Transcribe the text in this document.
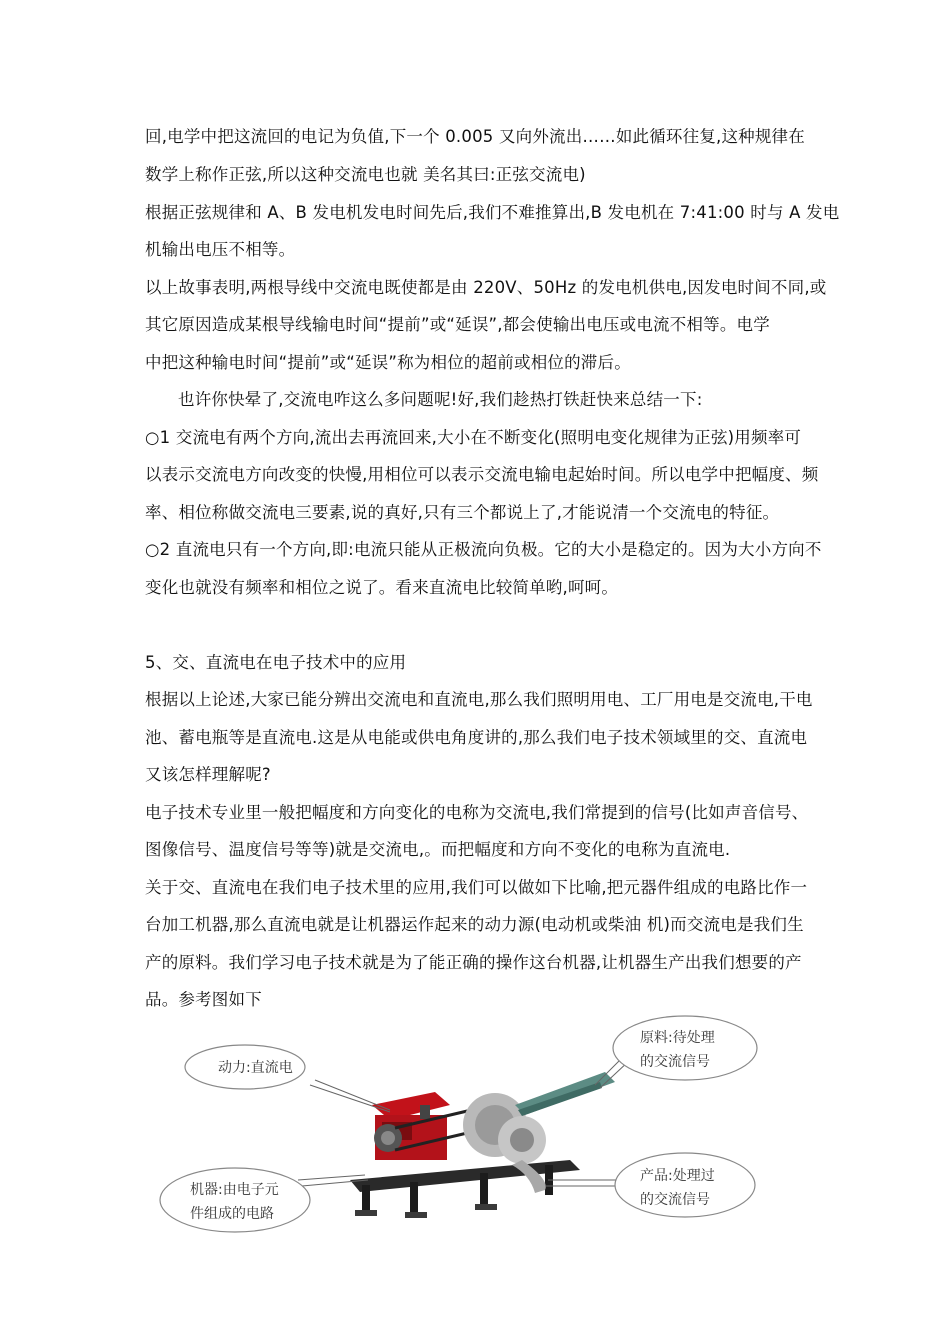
回,电学中把这流回的电记为负值,下一个 0.005 又向外流出……如此循环往复,这种规律在
数学上称作正弦,所以这种交流电也就 美名其曰:正弦交流电)
根据正弦规律和 A、B 发电机发电时间先后,我们不难推算出,B 发电机在 7:41:00 时与 A 发电
机输出电压不相等。
以上故事表明,两根导线中交流电既使都是由 220V、50Hz 的发电机供电,因发电时间不同,或
其它原因造成某根导线输电时间“提前”或“延误”,都会使输出电压或电流不相等。电学
中把这种输电时间“提前”或“延误”称为相位的超前或相位的滞后。
也许你快晕了,交流电咋这么多问题呢!好,我们趁热打铁赶快来总结一下:
○1 交流电有两个方向,流出去再流回来,大小在不断变化(照明电变化规律为正弦)用频率可
以表示交流电方向改变的快慢,用相位可以表示交流电输电起始时间。所以电学中把幅度、频
率、相位称做交流电三要素,说的真好,只有三个都说上了,才能说清一个交流电的特征。
○2 直流电只有一个方向,即:电流只能从正极流向负极。它的大小是稳定的。因为大小方向不
变化也就没有频率和相位之说了。看来直流电比较简单哟,呵呵。
5、交、直流电在电子技术中的应用
根据以上论述,大家已能分辨出交流电和直流电,那么我们照明用电、工厂用电是交流电,干电
池、蓄电瓶等是直流电.这是从电能或供电角度讲的,那么我们电子技术领域里的交、直流电
又该怎样理解呢?
电子技术专业里一般把幅度和方向变化的电称为交流电,我们常提到的信号(比如声音信号、
图像信号、温度信号等等)就是交流电,。而把幅度和方向不变化的电称为直流电.
关于交、直流电在我们电子技术里的应用,我们可以做如下比喻,把元器件组成的电路比作一
台加工机器,那么直流电就是让机器运作起来的动力源(电动机或柴油 机)而交流电是我们生
产的原料。我们学习电子技术就是为了能正确的操作这台机器,让机器生产出我们想要的产
品。参考图如下
动力:直流电
原料:待处理
的交流信号
机器:由电子元
件组成的电路
产品:处理过
的交流信号
